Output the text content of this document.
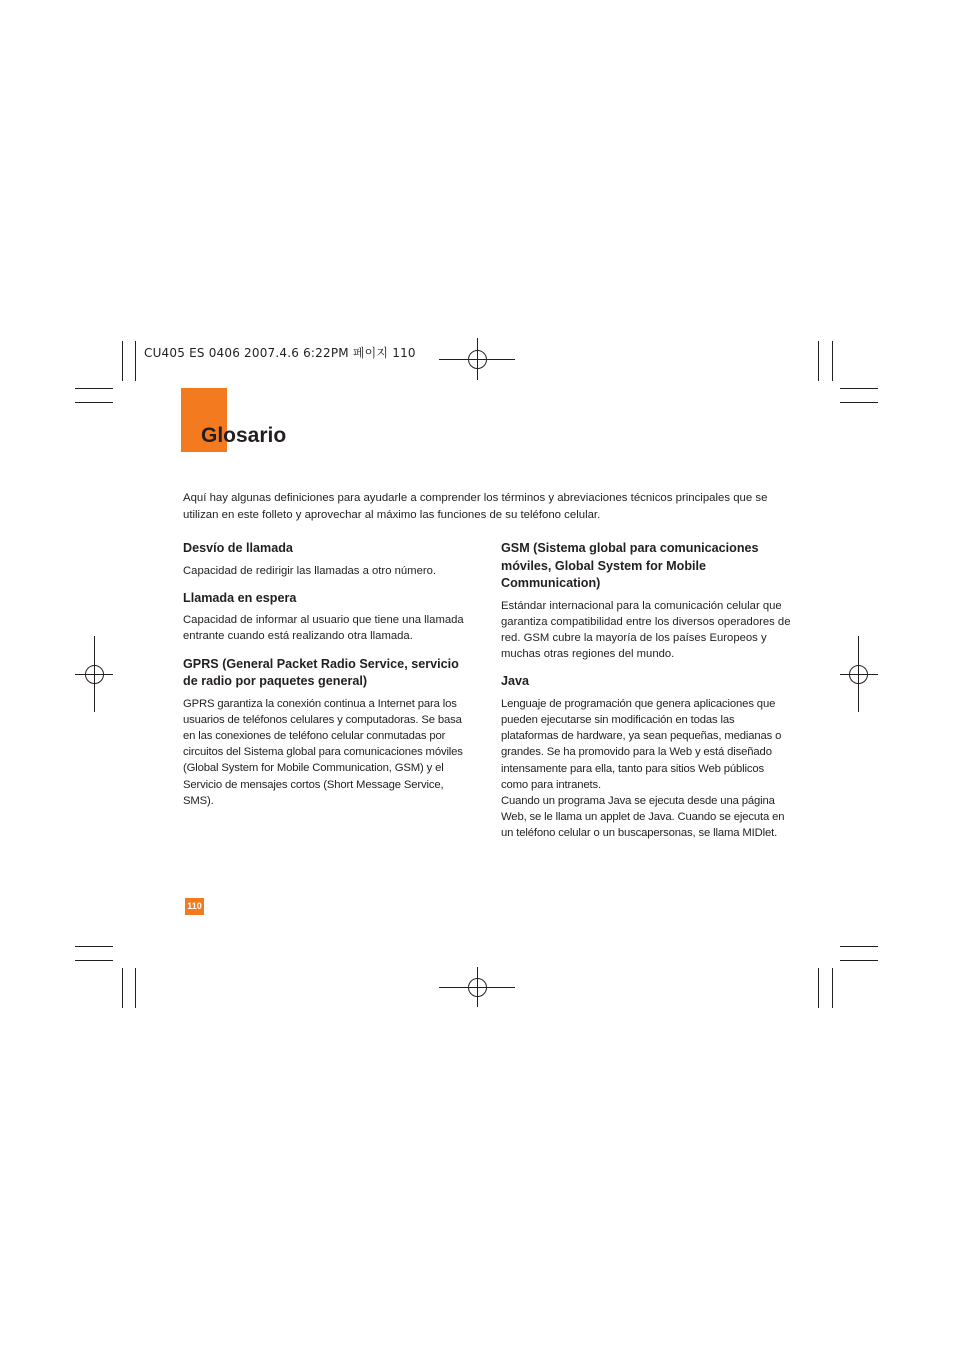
CU405 ES 0406 2007.4.6 6:22PM 페이지 110
Glosario

Aquí hay algunas definiciones para ayudarle a comprender los términos y abreviaciones técnicos principales que se utilizan en este folleto y aprovechar al máximo las funciones de su teléfono celular.

Desvío de llamada

Capacidad de redirigir las llamadas a otro número.

Llamada en espera

Capacidad de informar al usuario que tiene una llamada entrante cuando está realizando otra llamada.

GPRS (General Packet Radio Service, servicio de radio por paquetes general)

GPRS garantiza la conexión continua a Internet para los usuarios de teléfonos celulares y computadoras. Se basa en las conexiones de teléfono celular conmutadas por circuitos del Sistema global para comunicaciones móviles (Global System for Mobile Communication, GSM) y el Servicio de mensajes cortos (Short Message Service, SMS).

GSM (Sistema global para comunicaciones móviles, Global System for Mobile Communication)

Estándar internacional para la comunicación celular que garantiza compatibilidad entre los diversos operadores de red. GSM cubre la mayoría de los países Europeos y muchas otras regiones del mundo.

Java

Lenguaje de programación que genera aplicaciones que pueden ejecutarse sin modificación en todas las plataformas de hardware, ya sean pequeñas, medianas o grandes. Se ha promovido para la Web y está diseñado intensamente para ella, tanto para sitios Web públicos como para intranets.

Cuando un programa Java se ejecuta desde una página Web, se le llama un applet de Java. Cuando se ejecuta en un teléfono celular o un buscapersonas, se llama MIDlet.

110
